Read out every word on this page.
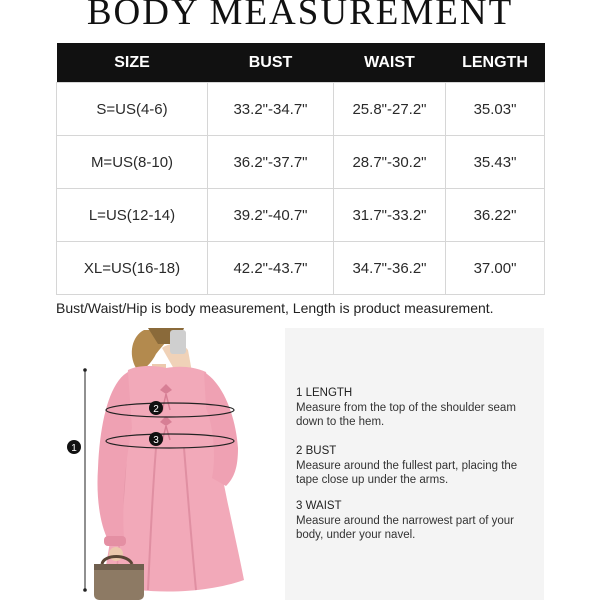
BODY MEASUREMENT
SIZE	BUST	WAIST	LENGTH
S=US(4-6)	33.2"-34.7"	25.8"-27.2"	35.03"
M=US(8-10)	36.2"-37.7"	28.7"-30.2"	35.43"
L=US(12-14)	39.2"-40.7"	31.7"-33.2"	36.22"
XL=US(16-18)	42.2"-43.7"	34.7"-36.2"	37.00"
Bust/Waist/Hip is body measurement, Length is product measurement.
1
2
3
1 LENGTH
Measure from the top of the shoulder seam down to the hem.
2 BUST
Measure around the fullest part, placing the tape close up under the arms.
3 WAIST
Measure around the narrowest part of your body, under your navel.
